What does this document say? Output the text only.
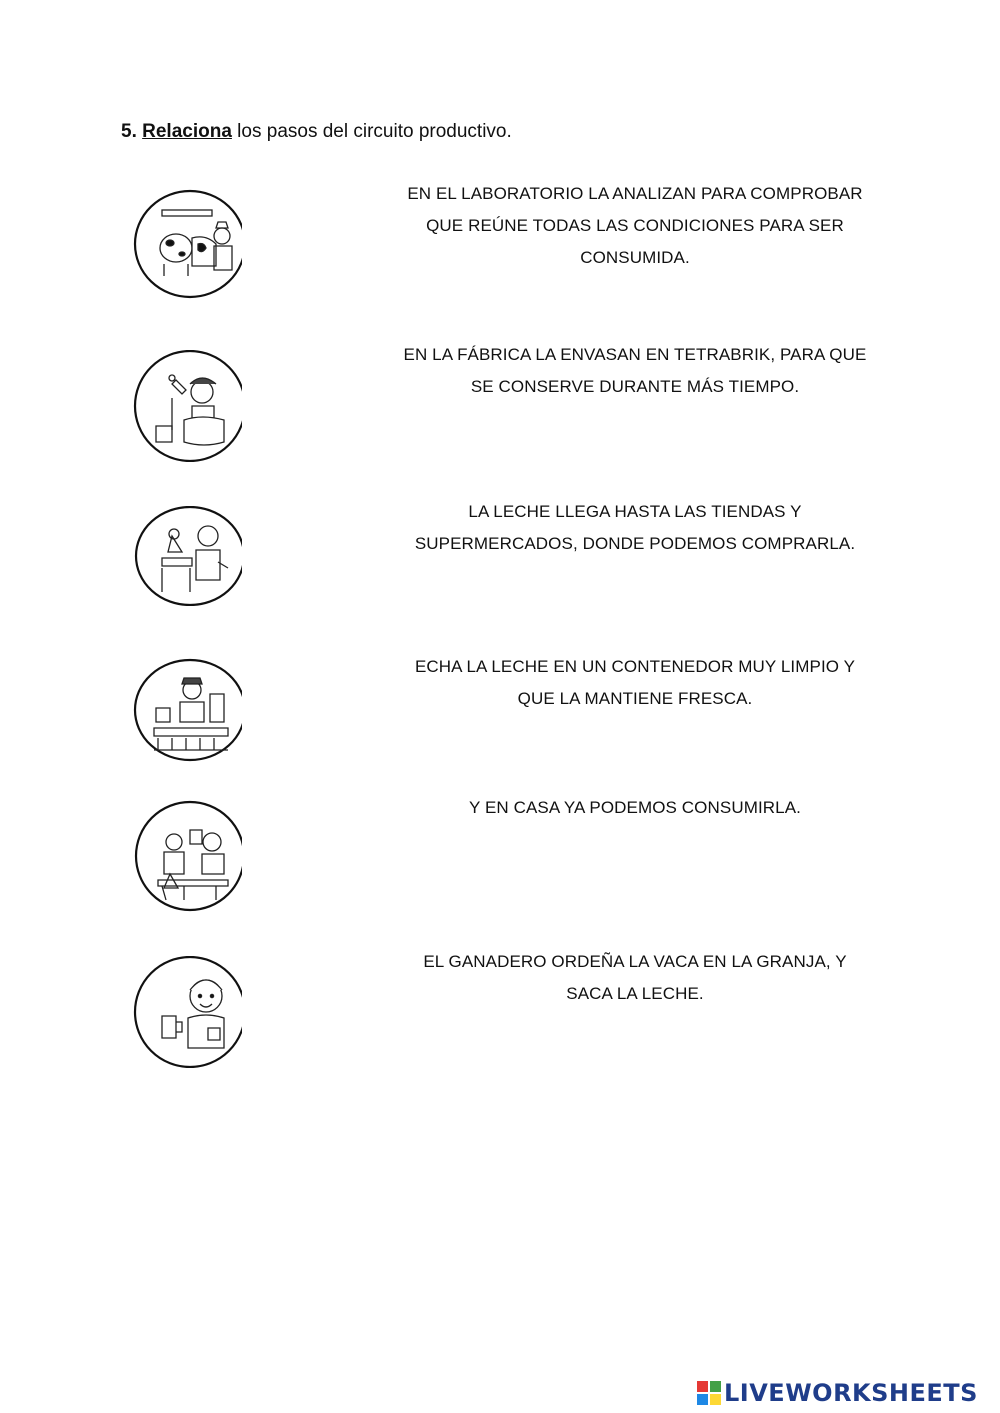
5. Relaciona los pasos del circuito productivo.
EN EL LABORATORIO LA ANALIZAN PARA COMPROBAR QUE REÚNE TODAS LAS CONDICIONES PARA SER CONSUMIDA.
EN LA FÁBRICA LA ENVASAN EN TETRABRIK, PARA QUE SE CONSERVE DURANTE MÁS TIEMPO.
LA LECHE LLEGA HASTA LAS TIENDAS Y SUPERMERCADOS, DONDE PODEMOS COMPRARLA.
ECHA LA LECHE EN UN CONTENEDOR MUY LIMPIO Y QUE LA MANTIENE FRESCA.
Y EN CASA YA PODEMOS CONSUMIRLA.
EL GANADERO ORDEÑA LA VACA EN LA GRANJA, Y SACA LA LECHE.
LIVEWORKSHEETS
